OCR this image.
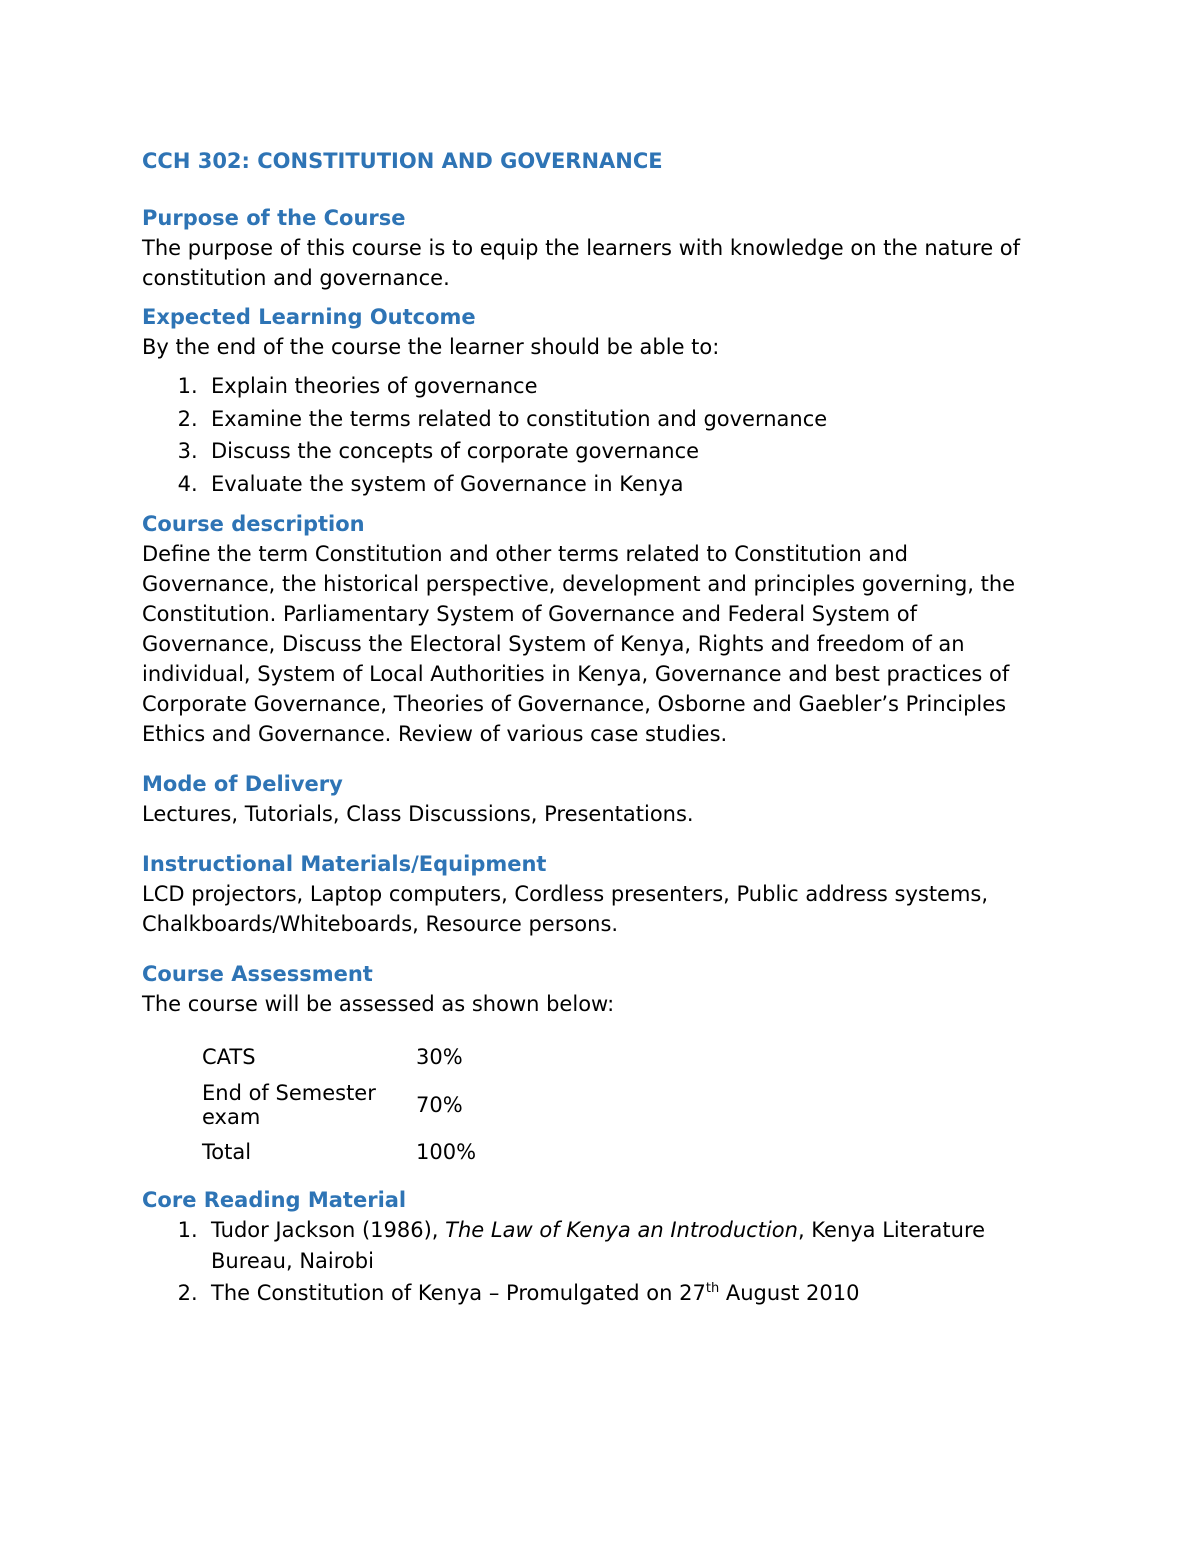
CCH 302: CONSTITUTION AND GOVERNANCE
Purpose of the Course

The purpose of this course is to equip the learners with knowledge on the nature of constitution and governance.

Expected Learning Outcome

By the end of the course the learner should be able to:

1. Explain theories of governance
2. Examine the terms related to constitution and governance
3. Discuss the concepts of corporate governance
4. Evaluate the system of Governance in Kenya
Course description

Define the term Constitution and other terms related to Constitution and Governance, the historical perspective, development and principles governing, the Constitution. Parliamentary System of Governance and Federal System of Governance, Discuss the Electoral System of Kenya, Rights and freedom of an individual, System of Local Authorities in Kenya, Governance and best practices of Corporate Governance, Theories of Governance, Osborne and Gaebler’s Principles Ethics and Governance. Review of various case studies.

Mode of Delivery

Lectures, Tutorials, Class Discussions, Presentations.

Instructional Materials/Equipment

LCD projectors, Laptop computers, Cordless presenters, Public address systems, Chalkboards/Whiteboards, Resource persons.

Course Assessment

The course will be assessed as shown below:

CATS	30%
End of Semester exam	70%
Total	100%
Core Reading Material
1. Tudor Jackson (1986), The Law of Kenya an Introduction, Kenya Literature Bureau, Nairobi
2. The Constitution of Kenya – Promulgated on 27th August 2010
